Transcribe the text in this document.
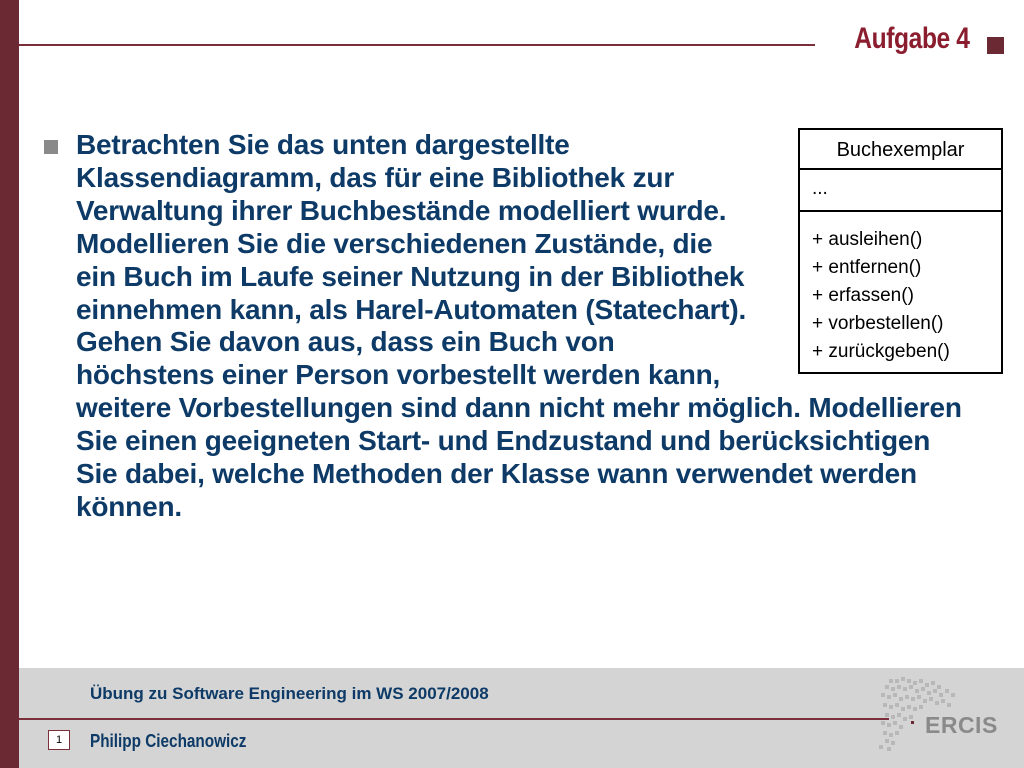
Aufgabe 4

Betrachten Sie das unten dargestellte Klassendiagramm, das für eine Bibliothek zur Verwaltung ihrer Buchbestände modelliert wurde. Modellieren Sie die verschiedenen Zustände, die ein Buch im Laufe seiner Nutzung in der Bibliothek einnehmen kann, als Harel-Automaten (Statechart). Gehen Sie davon aus, dass ein Buch von höchstens einer Person vorbestellt werden kann, weitere Vorbestellungen sind dann nicht mehr möglich. Modellieren Sie einen geeigneten Start- und Endzustand und berücksichtigen Sie dabei, welche Methoden der Klasse wann verwendet werden können.

Buchexemplar
...
+ ausleihen()
+ entfernen()
+ erfassen()
+ vorbestellen()
+ zurückgeben()
Übung zu Software Engineering im WS 2007/2008
1	Philipp Ciechanowicz
ERCIS
